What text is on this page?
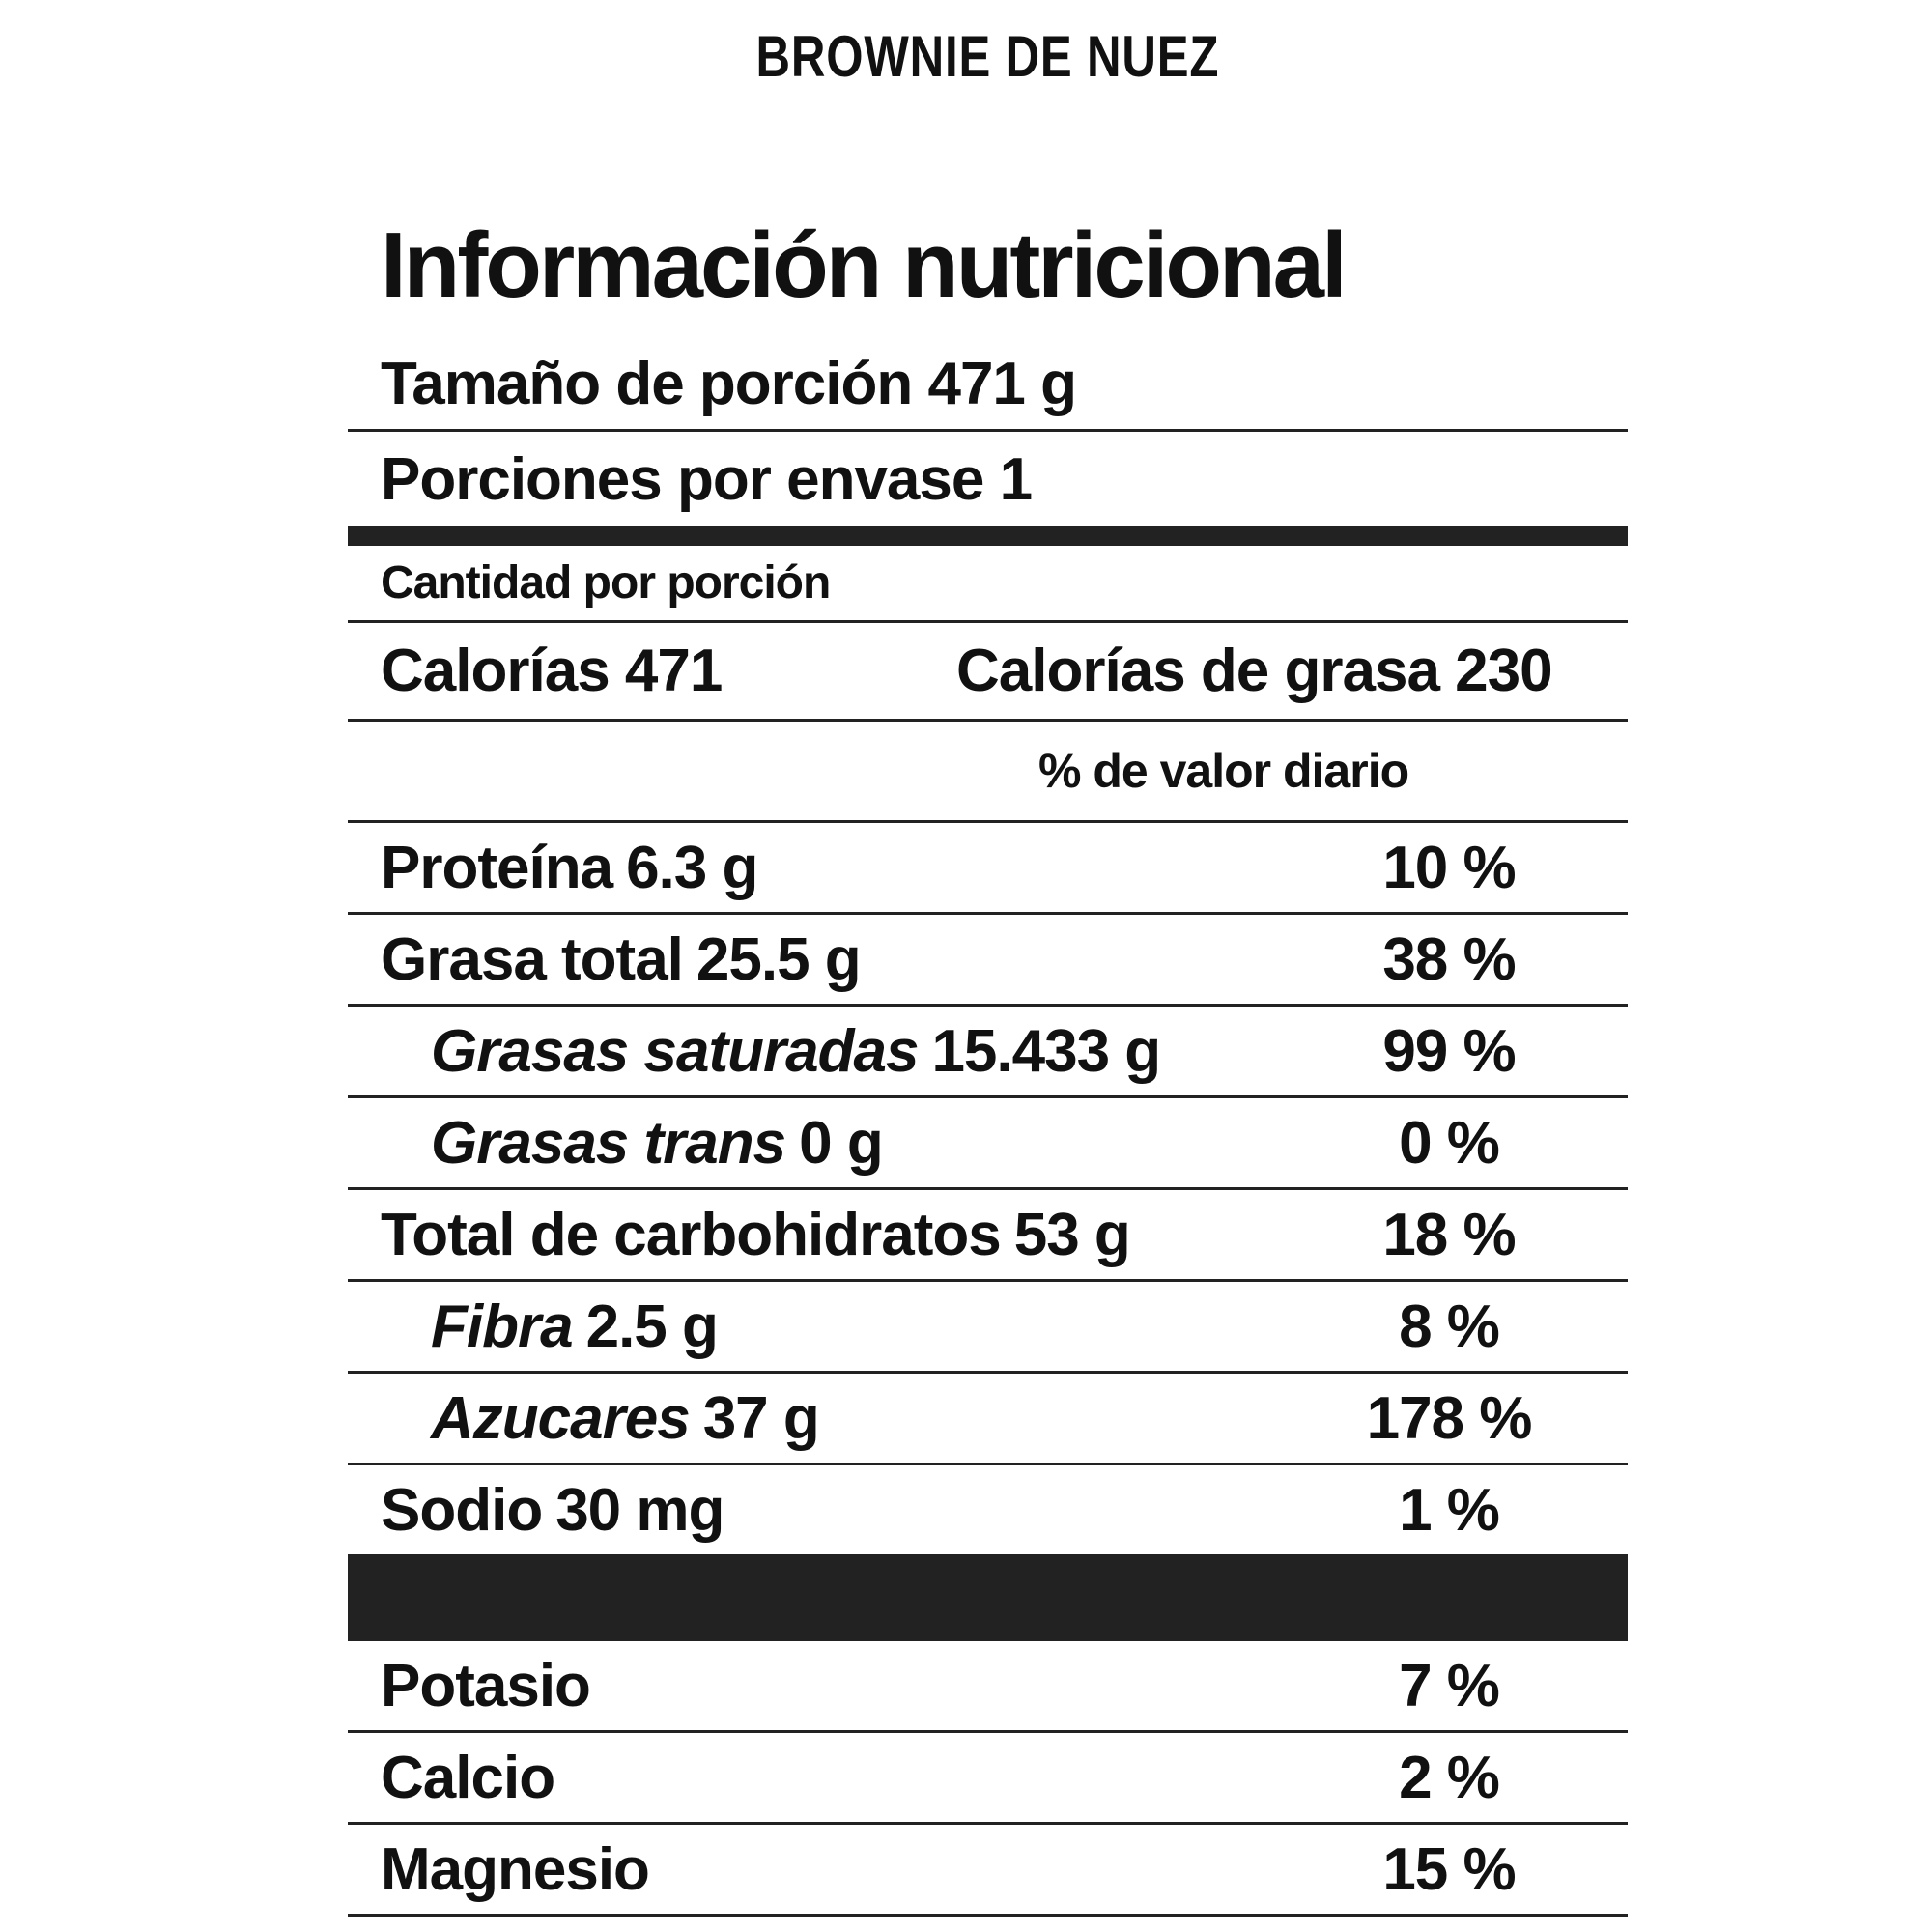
BROWNIE DE NUEZ
Información nutricional
Tamaño de porción 471 g
Porciones por envase 1
Cantidad por porción
Calorías 471	Calorías de grasa 230
% de valor diario
Proteína 6.3 g	10 %
Grasa total 25.5 g	38 %
Grasas saturadas 15.433 g	99 %
Grasas trans 0 g	0 %
Total de carbohidratos 53 g	18 %
Fibra 2.5 g	8 %
Azucares 37 g	178 %
Sodio 30 mg	1 %
Potasio	7 %
Calcio	2 %
Magnesio	15 %
